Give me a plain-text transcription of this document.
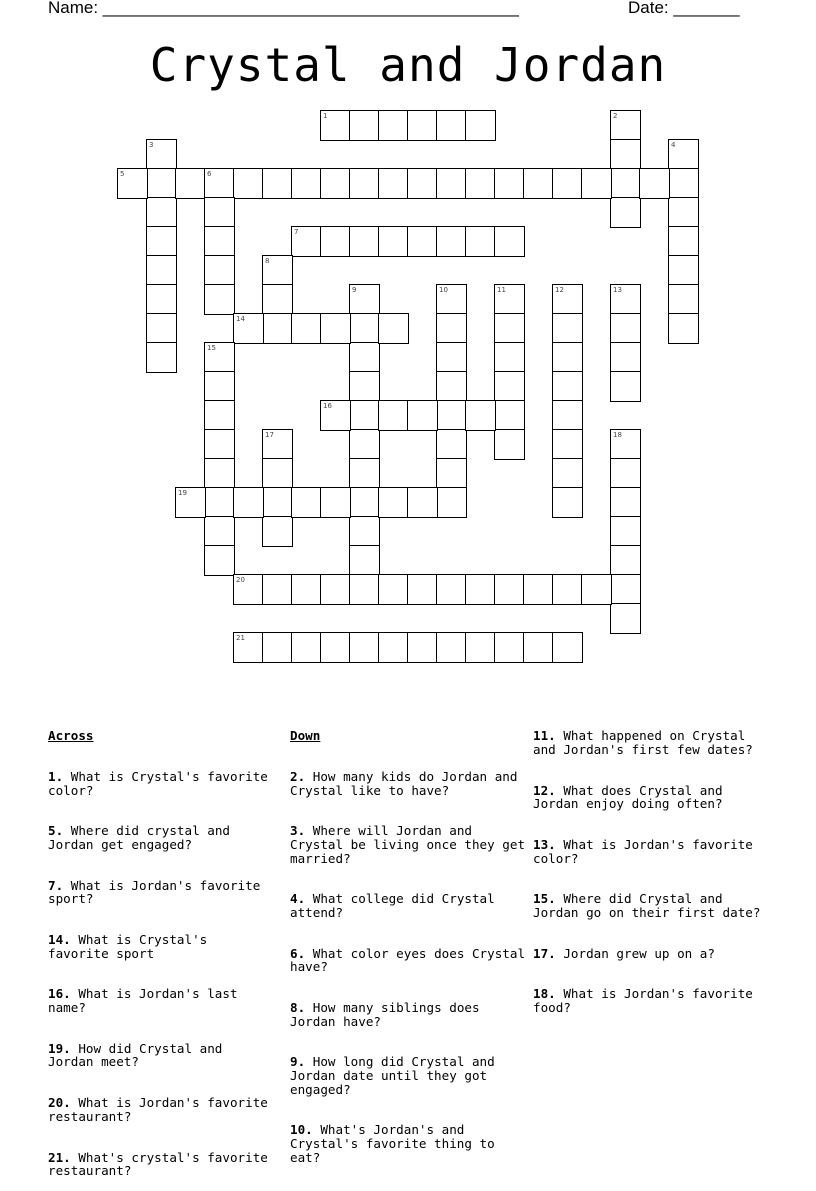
Name: ____________________________________________	Date: _______
Crystal and Jordan
1	2
3	4
5	6
7
8
9	10	11	12	13
14
15
16
17	18
19
20
21

Across

1. What is Crystal's favorite color?

5. Where did crystal and Jordan get engaged?

7. What is Jordan's favorite sport?

14. What is Crystal's favorite sport

16. What is Jordan's last name?

19. How did Crystal and Jordan meet?

20. What is Jordan's favorite restaurant?

21. What's crystal's favorite restaurant?

Down

2. How many kids do Jordan and Crystal like to have?

3. Where will Jordan and Crystal be living once they get married?

4. What college did Crystal attend?

6. What color eyes does Crystal have?

8. How many siblings does Jordan have?

9. How long did Crystal and Jordan date until they got engaged?

10. What's Jordan's and Crystal's favorite thing to eat?

11. What happened on Crystal and Jordan's first few dates?

12. What does Crystal and Jordan enjoy doing often?

13. What is Jordan's favorite color?

15. Where did Crystal and Jordan go on their first date?

17. Jordan grew up on a?

18. What is Jordan's favorite food?
